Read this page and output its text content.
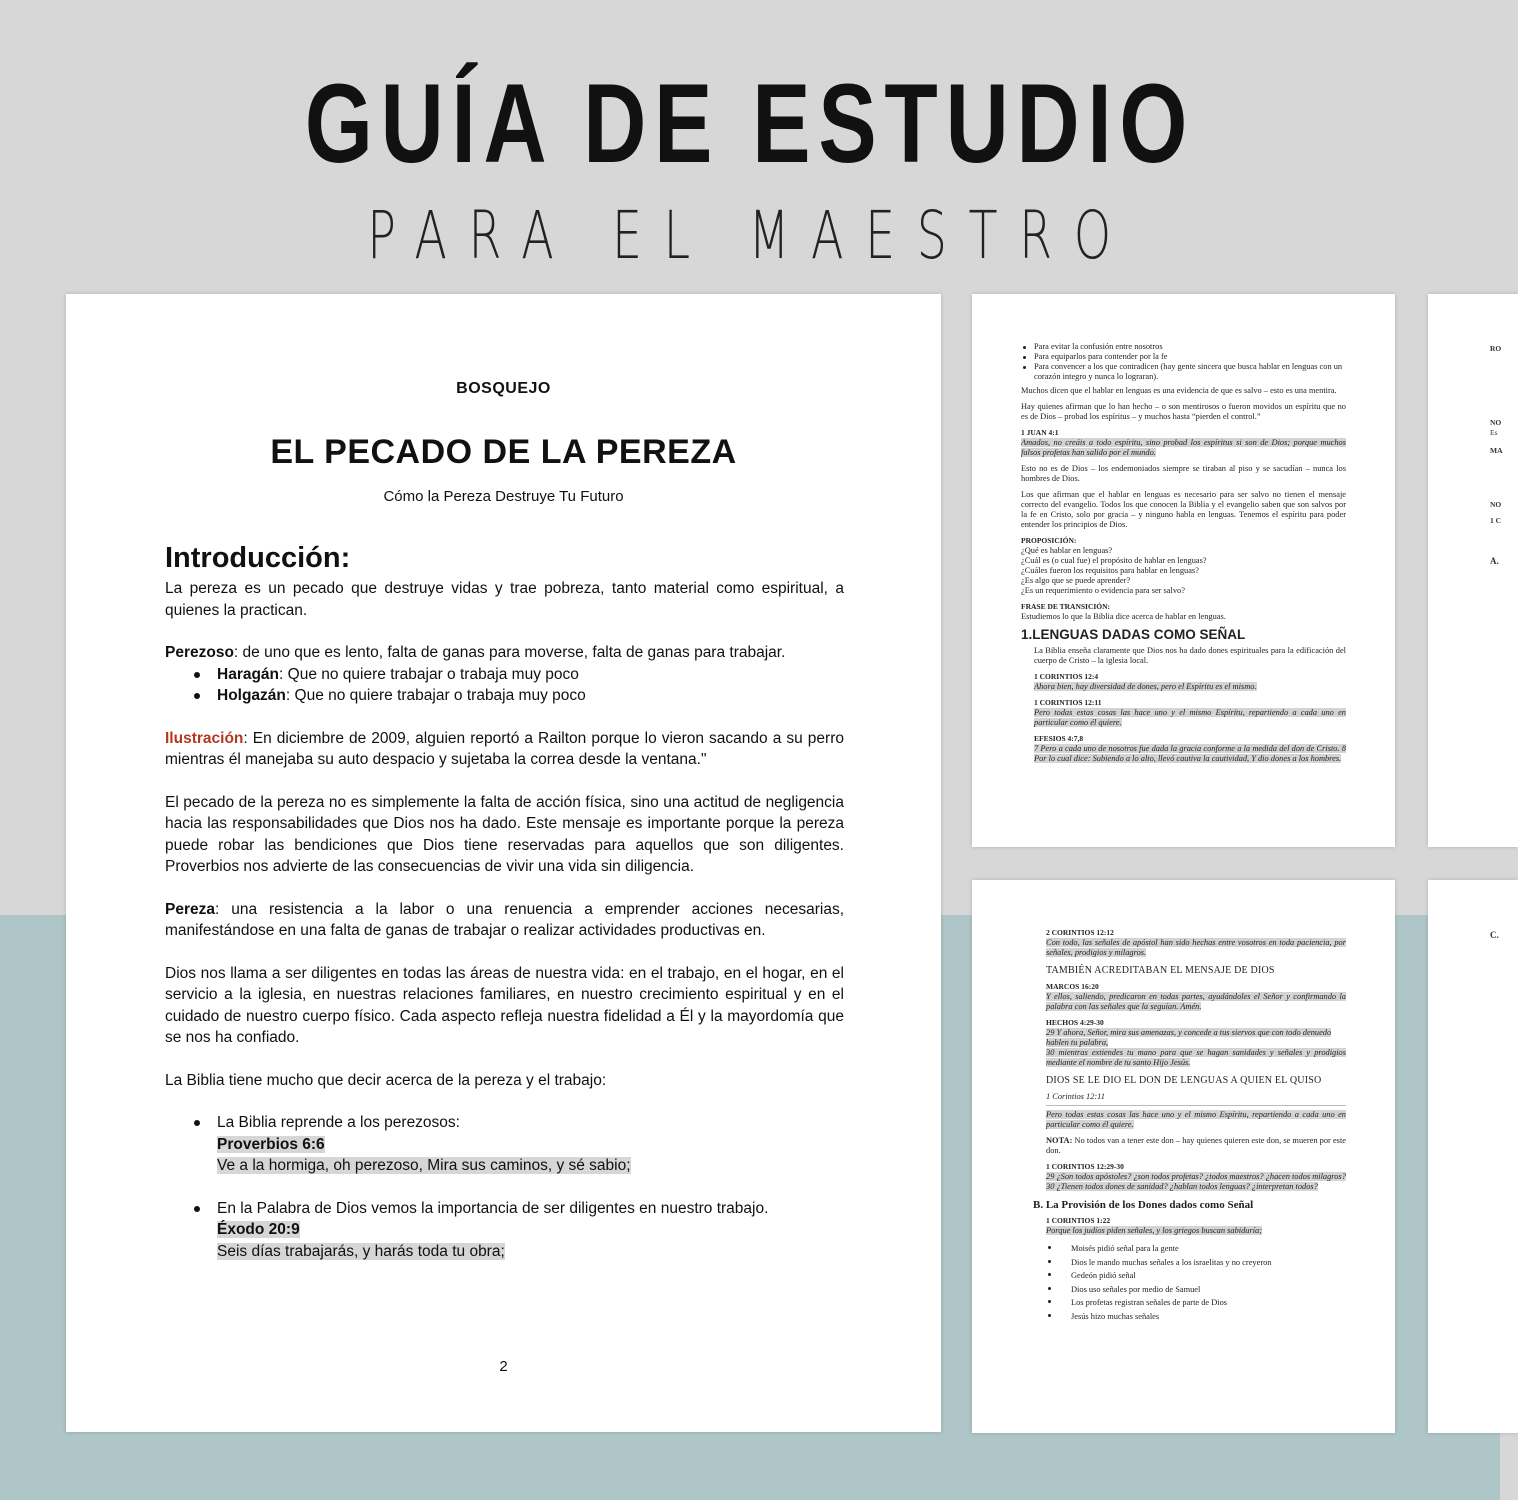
GUÍA DE ESTUDIO
PARA EL MAESTRO
BOSQUEJO
EL PECADO DE LA PEREZA
Cómo la Pereza Destruye Tu Futuro
Introducción:

La pereza es un pecado que destruye vidas y trae pobreza, tanto material como espiritual, a quienes la practican.

Perezoso: de uno que es lento, falta de ganas para moverse, falta de ganas para trabajar.

Haragán: Que no quiere trabajar o trabaja muy poco
Holgazán: Que no quiere trabajar o trabaja muy poco

Ilustración: En diciembre de 2009, alguien reportó a Railton porque lo vieron sacando a su perro mientras él manejaba su auto despacio y sujetaba la correa desde la ventana."

El pecado de la pereza no es simplemente la falta de acción física, sino una actitud de negligencia hacia las responsabilidades que Dios nos ha dado. Este mensaje es importante porque la pereza puede robar las bendiciones que Dios tiene reservadas para aquellos que son diligentes. Proverbios nos advierte de las consecuencias de vivir una vida sin diligencia.

Pereza: una resistencia a la labor o una renuencia a emprender acciones necesarias, manifestándose en una falta de ganas de trabajar o realizar actividades productivas en.

Dios nos llama a ser diligentes en todas las áreas de nuestra vida: en el trabajo, en el hogar, en el servicio a la iglesia, en nuestras relaciones familiares, en nuestro crecimiento espiritual y en el cuidado de nuestro cuerpo físico. Cada aspecto refleja nuestra fidelidad a Él y la mayordomía que se nos ha confiado.

La Biblia tiene mucho que decir acerca de la pereza y el trabajo:

La Biblia reprende a los perezosos:
Proverbios 6:6
Ve a la hormiga, oh perezoso, Mira sus caminos, y sé sabio;
En la Palabra de Dios vemos la importancia de ser diligentes en nuestro trabajo.
Éxodo 20:9
Seis días trabajarás, y harás toda tu obra;
2
Para evitar la confusión entre nosotros
Para equiparlos para contender por la fe
Para convencer a los que contradicen (hay gente sincera que busca hablar en lenguas con un corazón integro y nunca lo lograran).

Muchos dicen que el hablar en lenguas es una evidencia de que es salvo – esto es una mentira.

Hay quienes afirman que lo han hecho – o son mentirosos o fueron movidos un espíritu que no es de Dios – probad los espíritus – y muchos hasta “pierden el control.”

1 JUAN 4:1

Amados, no creáis a todo espíritu, sino probad los espíritus si son de Dios; porque muchos falsos profetas han salido por el mundo.

Esto no es de Dios – los endemoniados siempre se tiraban al piso y se sacudían – nunca los hombres de Dios.

Los que afirman que el hablar en lenguas es necesario para ser salvo no tienen el mensaje correcto del evangelio. Todos los que conocen la Biblia y el evangelio saben que son salvos por la fe en Cristo, solo por gracia – y ninguno habla en lenguas. Tenemos el espíritu para poder entender los principios de Dios.

PROPOSICIÓN:
¿Qué es hablar en lenguas?
¿Cuál es (o cual fue) el propósito de hablar en lenguas?
¿Cuáles fueron los requisitos para hablar en lenguas?
¿Es algo que se puede aprender?
¿Es un requerimiento o evidencia para ser salvo?
FRASE DE TRANSICIÓN:
Estudiemos lo que la Biblia dice acerca de hablar en lenguas.
1.LENGUAS DADAS COMO SEÑAL

La Biblia enseña claramente que Dios nos ha dado dones espirituales para la edificación del cuerpo de Cristo – la iglesia local.

1 CORINTIOS 12:4

Ahora bien, hay diversidad de dones, pero el Espíritu es el mismo.

1 CORINTIOS 12:11

Pero todas estas cosas las hace uno y el mismo Espíritu, repartiendo a cada uno en particular como él quiere.

EFESIOS 4:7,8

7 Pero a cada uno de nosotros fue dada la gracia conforme a la medida del don de Cristo. 8 Por lo cual dice: Subiendo a lo alto, llevó cautiva la cautividad, Y dio dones a los hombres.

2 CORINTIOS 12:12

Con todo, las señales de apóstol han sido hechas entre vosotros en toda paciencia, por señales, prodigios y milagros.

TAMBIÉN ACREDITABAN EL MENSAJE DE DIOS
MARCOS 16:20

Y ellos, saliendo, predicaron en todas partes, ayudándoles el Señor y confirmando la palabra con las señales que la seguían. Amén.

HECHOS 4:29-30
29 Y ahora, Señor, mira sus amenazas, y concede a tus siervos que con todo denuedo hablen tu palabra,

30 mientras extiendes tu mano para que se hagan sanidades y señales y prodigios mediante el nombre de tu santo Hijo Jesús.

DIOS SE LE DIO EL DON DE LENGUAS A QUIEN EL QUISO
1 Corintios 12:11

Pero todas estas cosas las hace uno y el mismo Espíritu, repartiendo a cada uno en particular como él quiere.

NOTA: No todos van a tener este don – hay quienes quieren este don, se mueren por este don.

1 CORINTIOS 12:29-30
29 ¿Son todos apóstoles? ¿son todos profetas? ¿todos maestros? ¿hacen todos milagros?

30 ¿Tienen todos dones de sanidad? ¿hablan todos lenguas? ¿interpretan todos?

B. La Provisión de los Dones dados como Señal
1 CORINTIOS 1:22

Porque los judíos piden señales, y los griegos buscan sabiduría;

Moisés pidió señal para la gente
Dios le mando muchas señales a los israelitas y no creyeron
Gedeón pidió señal
Dios uso señales por medio de Samuel
Los profetas registran señales de parte de Dios
Jesús hizo muchas señales
RO
NO
Es
MA
NO
1 C
A.
C.
